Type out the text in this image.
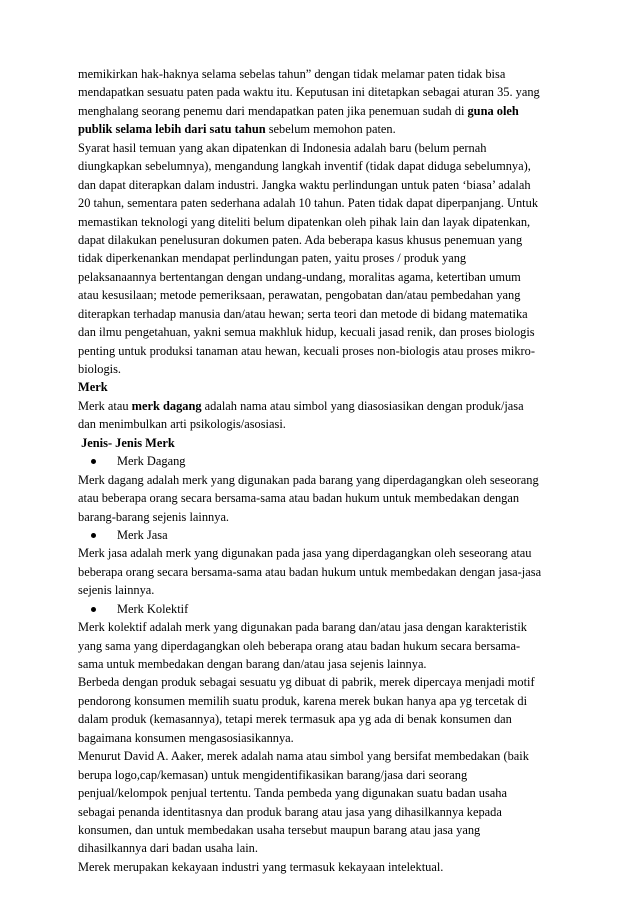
memikirkan hak-haknya selama sebelas tahun” dengan tidak melamar paten tidak bisa
mendapatkan sesuatu paten pada waktu itu. Keputusan ini ditetapkan sebagai aturan 35. yang
menghalang seorang penemu dari mendapatkan paten jika penemuan sudah di guna oleh
publik selama lebih dari satu tahun sebelum memohon paten.
Syarat hasil temuan yang akan dipatenkan di Indonesia adalah baru (belum pernah
diungkapkan sebelumnya), mengandung langkah inventif (tidak dapat diduga sebelumnya),
dan dapat diterapkan dalam industri. Jangka waktu perlindungan untuk paten ‘biasa’ adalah
20 tahun, sementara paten sederhana adalah 10 tahun. Paten tidak dapat diperpanjang. Untuk
memastikan teknologi yang diteliti belum dipatenkan oleh pihak lain dan layak dipatenkan,
dapat dilakukan penelusuran dokumen paten. Ada beberapa kasus khusus penemuan yang
tidak diperkenankan mendapat perlindungan paten, yaitu proses / produk yang
pelaksanaannya bertentangan dengan undang-undang, moralitas agama, ketertiban umum
atau kesusilaan; metode pemeriksaan, perawatan, pengobatan dan/atau pembedahan yang
diterapkan terhadap manusia dan/atau hewan; serta teori dan metode di bidang matematika
dan ilmu pengetahuan, yakni semua makhluk hidup, kecuali jasad renik, dan proses biologis
penting untuk produksi tanaman atau hewan, kecuali proses non-biologis atau proses mikro-
biologis.
Merk
Merk atau merk dagang adalah nama atau simbol yang diasosiasikan dengan produk/jasa
dan menimbulkan arti psikologis/asosiasi.
Jenis- Jenis Merk
Merk Dagang
Merk dagang adalah merk yang digunakan pada barang yang diperdagangkan oleh seseorang
atau beberapa orang secara bersama-sama atau badan hukum untuk membedakan dengan
barang-barang sejenis lainnya.
Merk Jasa
Merk jasa adalah merk yang digunakan pada jasa yang diperdagangkan oleh seseorang atau
beberapa orang secara bersama-sama atau badan hukum untuk membedakan dengan jasa-jasa
sejenis lainnya.
Merk Kolektif
Merk kolektif adalah merk yang digunakan pada barang dan/atau jasa dengan karakteristik
yang sama yang diperdagangkan oleh beberapa orang atau badan hukum secara bersama-
sama untuk membedakan dengan barang dan/atau jasa sejenis lainnya.
Berbeda dengan produk sebagai sesuatu yg dibuat di pabrik, merek dipercaya menjadi motif
pendorong konsumen memilih suatu produk, karena merek bukan hanya apa yg tercetak di
dalam produk (kemasannya), tetapi merek termasuk apa yg ada di benak konsumen dan
bagaimana konsumen mengasosiasikannya.
Menurut David A. Aaker, merek adalah nama atau simbol yang bersifat membedakan (baik
berupa logo,cap/kemasan) untuk mengidentifikasikan barang/jasa dari seorang
penjual/kelompok penjual tertentu. Tanda pembeda yang digunakan suatu badan usaha
sebagai penanda identitasnya dan produk barang atau jasa yang dihasilkannya kepada
konsumen, dan untuk membedakan usaha tersebut maupun barang atau jasa yang
dihasilkannya dari badan usaha lain.
Merek merupakan kekayaan industri yang termasuk kekayaan intelektual.
